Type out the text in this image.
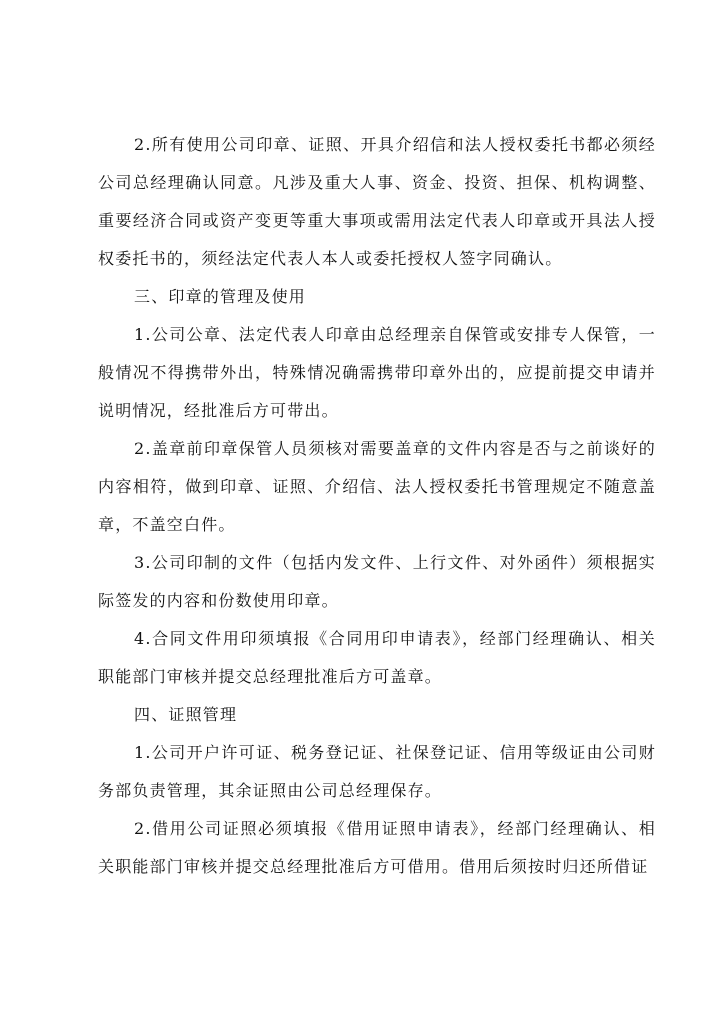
2.所有使用公司印章、证照、开具介绍信和法人授权委托书都必须经公司总经理确认同意。凡涉及重大人事、资金、投资、担保、机构调整、重要经济合同或资产变更等重大事项或需用法定代表人印章或开具法人授权委托书的，须经法定代表人本人或委托授权人签字同确认。

三、印章的管理及使用

1.公司公章、法定代表人印章由总经理亲自保管或安排专人保管，一般情况不得携带外出，特殊情况确需携带印章外出的，应提前提交申请并说明情况，经批准后方可带出。

2.盖章前印章保管人员须核对需要盖章的文件内容是否与之前谈好的内容相符，做到印章、证照、介绍信、法人授权委托书管理规定不随意盖章，不盖空白件。

3.公司印制的文件（包括内发文件、上行文件、对外函件）须根据实际签发的内容和份数使用印章。

4.合同文件用印须填报《合同用印申请表》，经部门经理确认、相关职能部门审核并提交总经理批准后方可盖章。

四、证照管理

1.公司开户许可证、税务登记证、社保登记证、信用等级证由公司财务部负责管理，其余证照由公司总经理保存。

2.借用公司证照必须填报《借用证照申请表》，经部门经理确认、相关职能部门审核并提交总经理批准后方可借用。借用后须按时归还所借证
